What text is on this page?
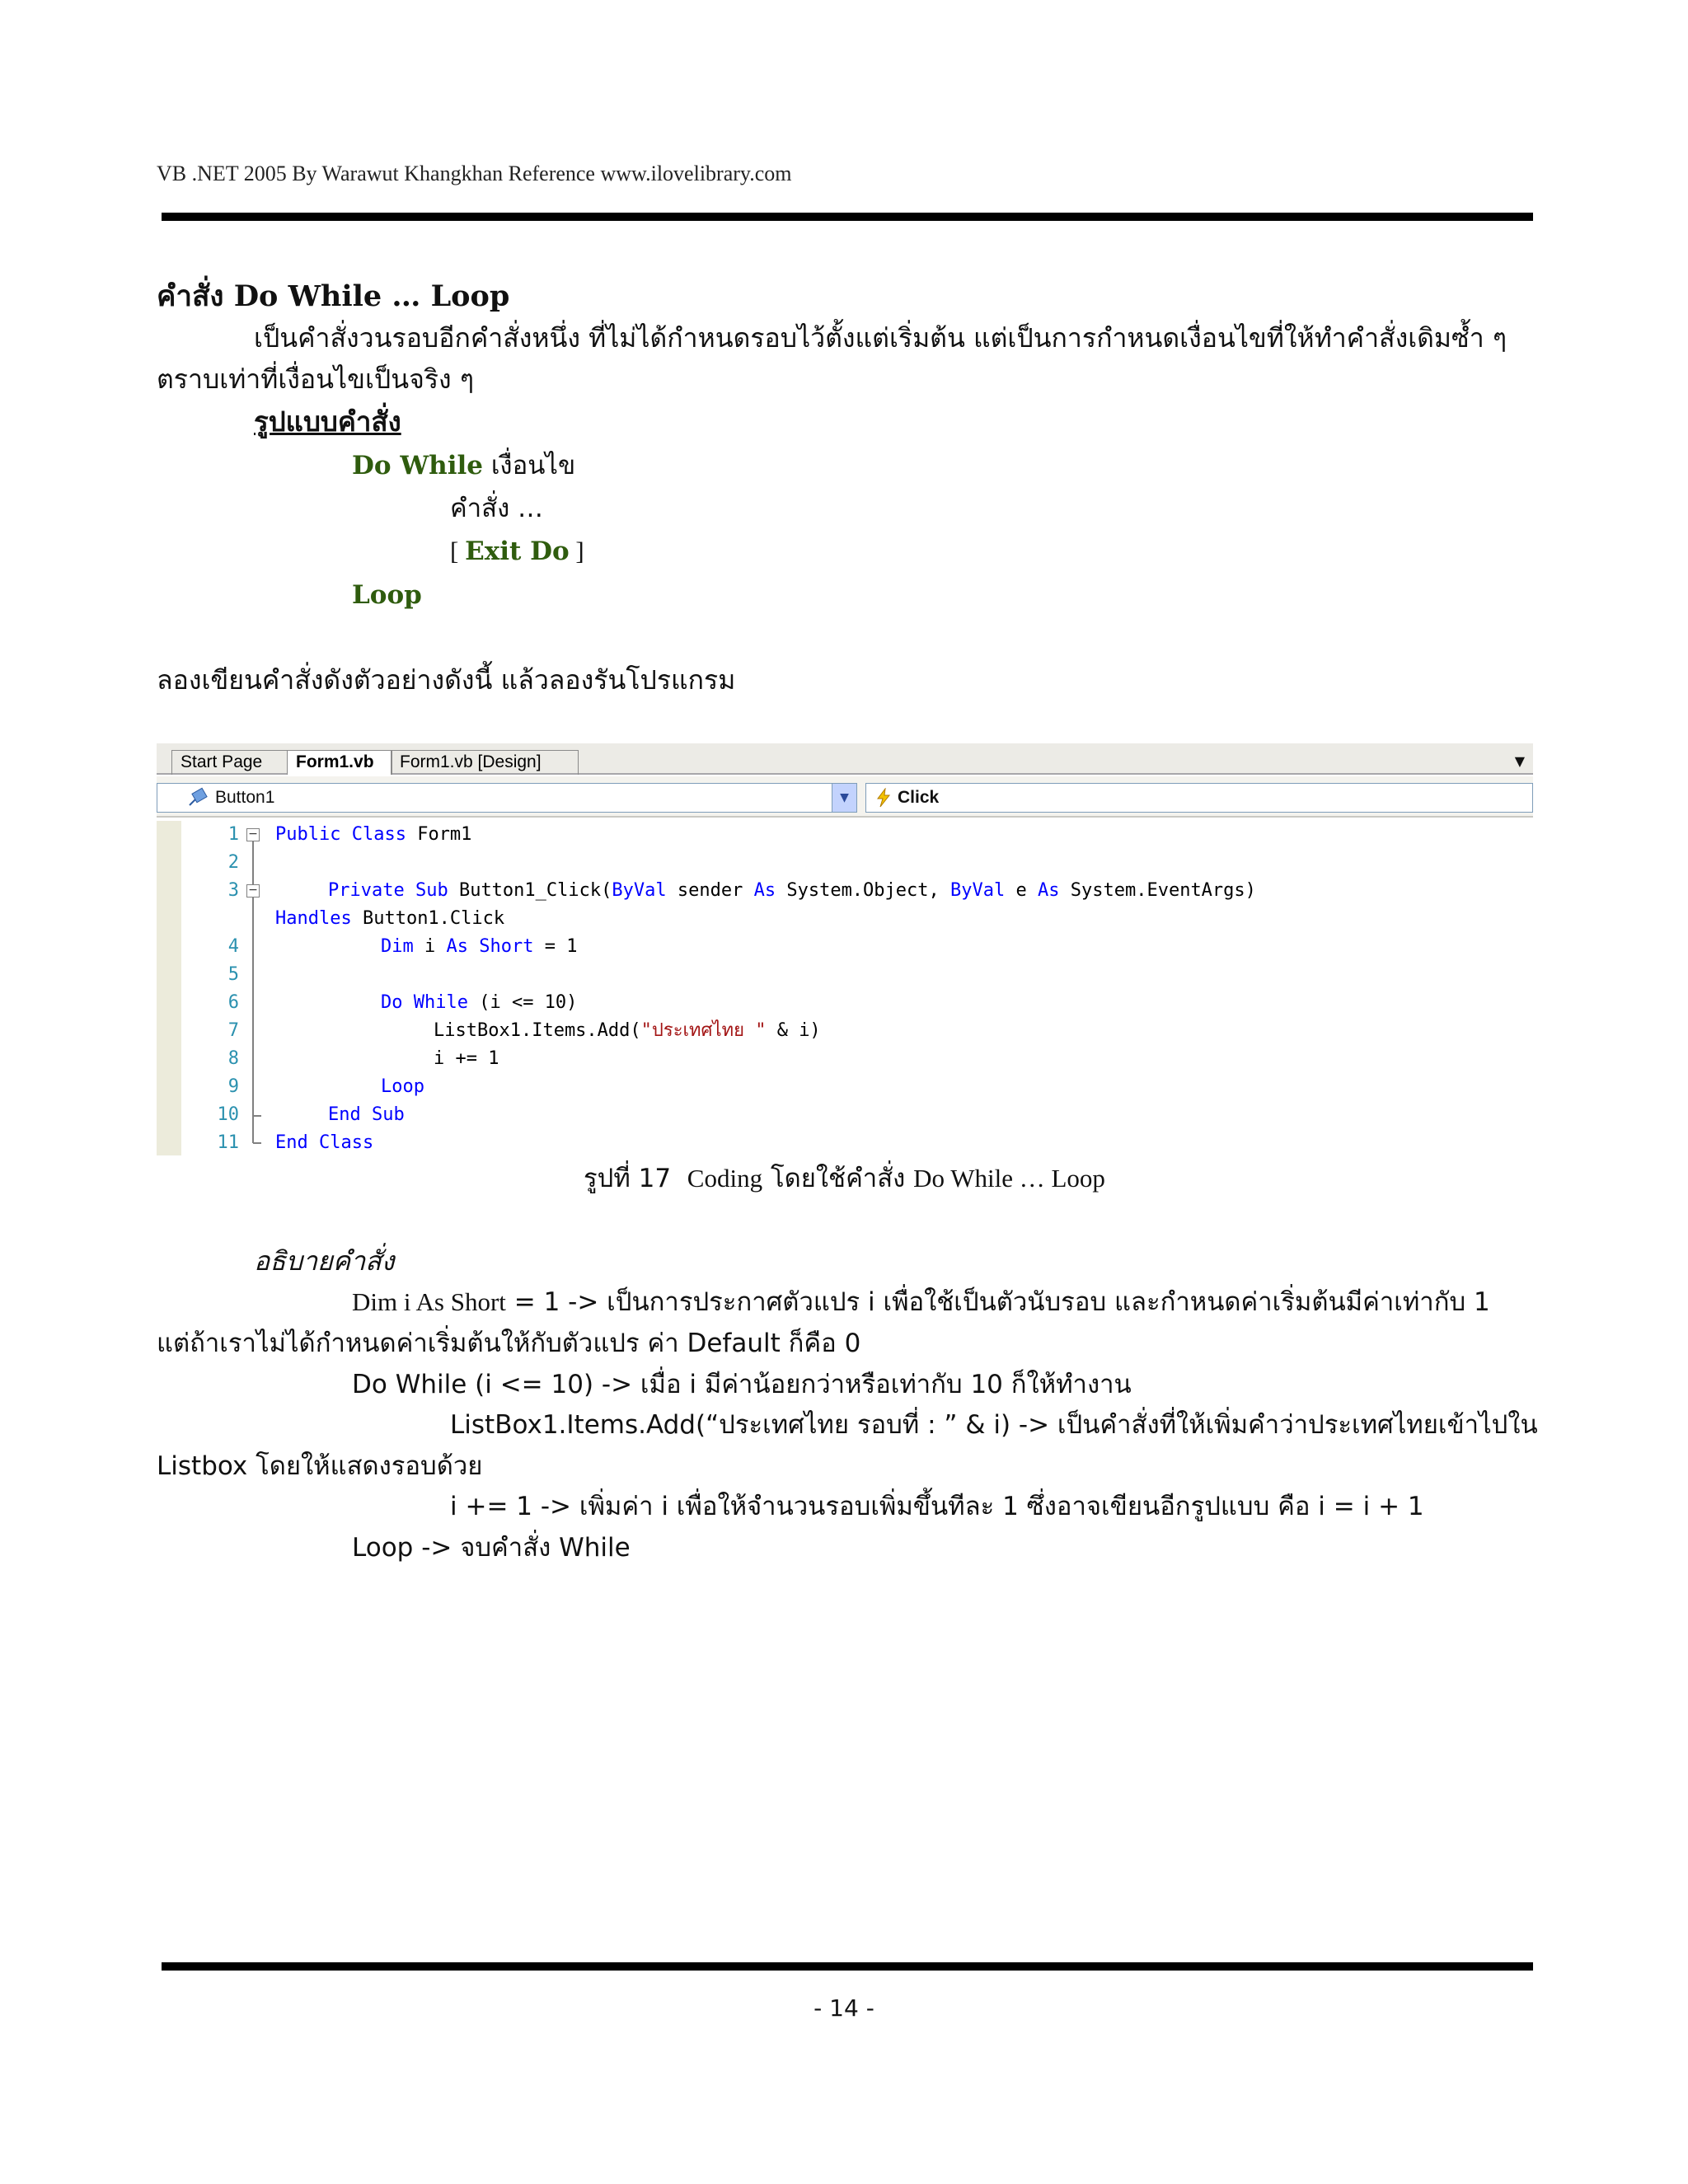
VB .NET 2005 By Warawut Khangkhan Reference www.ilovelibrary.com
คำสั่ง Do While … Loop
เป็นคำสั่งวนรอบอีกคำสั่งหนึ่ง ที่ไม่ได้กำหนดรอบไว้ตั้งแต่เริ่มต้น แต่เป็นการกำหนดเงื่อนไขที่ให้ทำคำสั่งเดิมซ้ำ ๆ
ตราบเท่าที่เงื่อนไขเป็นจริง ๆ
รูปแบบคำสั่ง
Do While เงื่อนไข
คำสั่ง …
[ Exit Do ]
Loop
ลองเขียนคำสั่งดังตัวอย่างดังนี้ แล้วลองรันโปรแกรม
Start Page	Form1.vb	Form1.vb [Design]	▼
Button1	▼	Click
1
2
3
4
5
6
7
8
9
10
11
−
−
Public Class Form1
Private Sub Button1_Click(ByVal sender As System.Object, ByVal e As System.EventArgs)
Handles Button1.Click
Dim i As Short = 1
Do While (i <= 10)
ListBox1.Items.Add("ประเทศไทย " & i)
i += 1
Loop
End Sub
End Class
รูปที่ 17 Coding โดยใช้คำสั่ง Do While … Loop
อธิบายคำสั่ง
Dim i As Short = 1 -> เป็นการประกาศตัวแปร i เพื่อใช้เป็นตัวนับรอบ และกำหนดค่าเริ่มต้นมีค่าเท่ากับ 1
แต่ถ้าเราไม่ได้กำหนดค่าเริ่มต้นให้กับตัวแปร ค่า Default ก็คือ 0
Do While (i <= 10) -> เมื่อ i มีค่าน้อยกว่าหรือเท่ากับ 10 ก็ให้ทำงาน
ListBox1.Items.Add(“ประเทศไทย รอบที่ : ” & i) -> เป็นคำสั่งที่ให้เพิ่มคำว่าประเทศไทยเข้าไปใน
Listbox โดยให้แสดงรอบด้วย
i += 1 -> เพิ่มค่า i เพื่อให้จำนวนรอบเพิ่มขึ้นทีละ 1 ซึ่งอาจเขียนอีกรูปแบบ คือ i = i + 1
Loop -> จบคำสั่ง While
- 14 -
